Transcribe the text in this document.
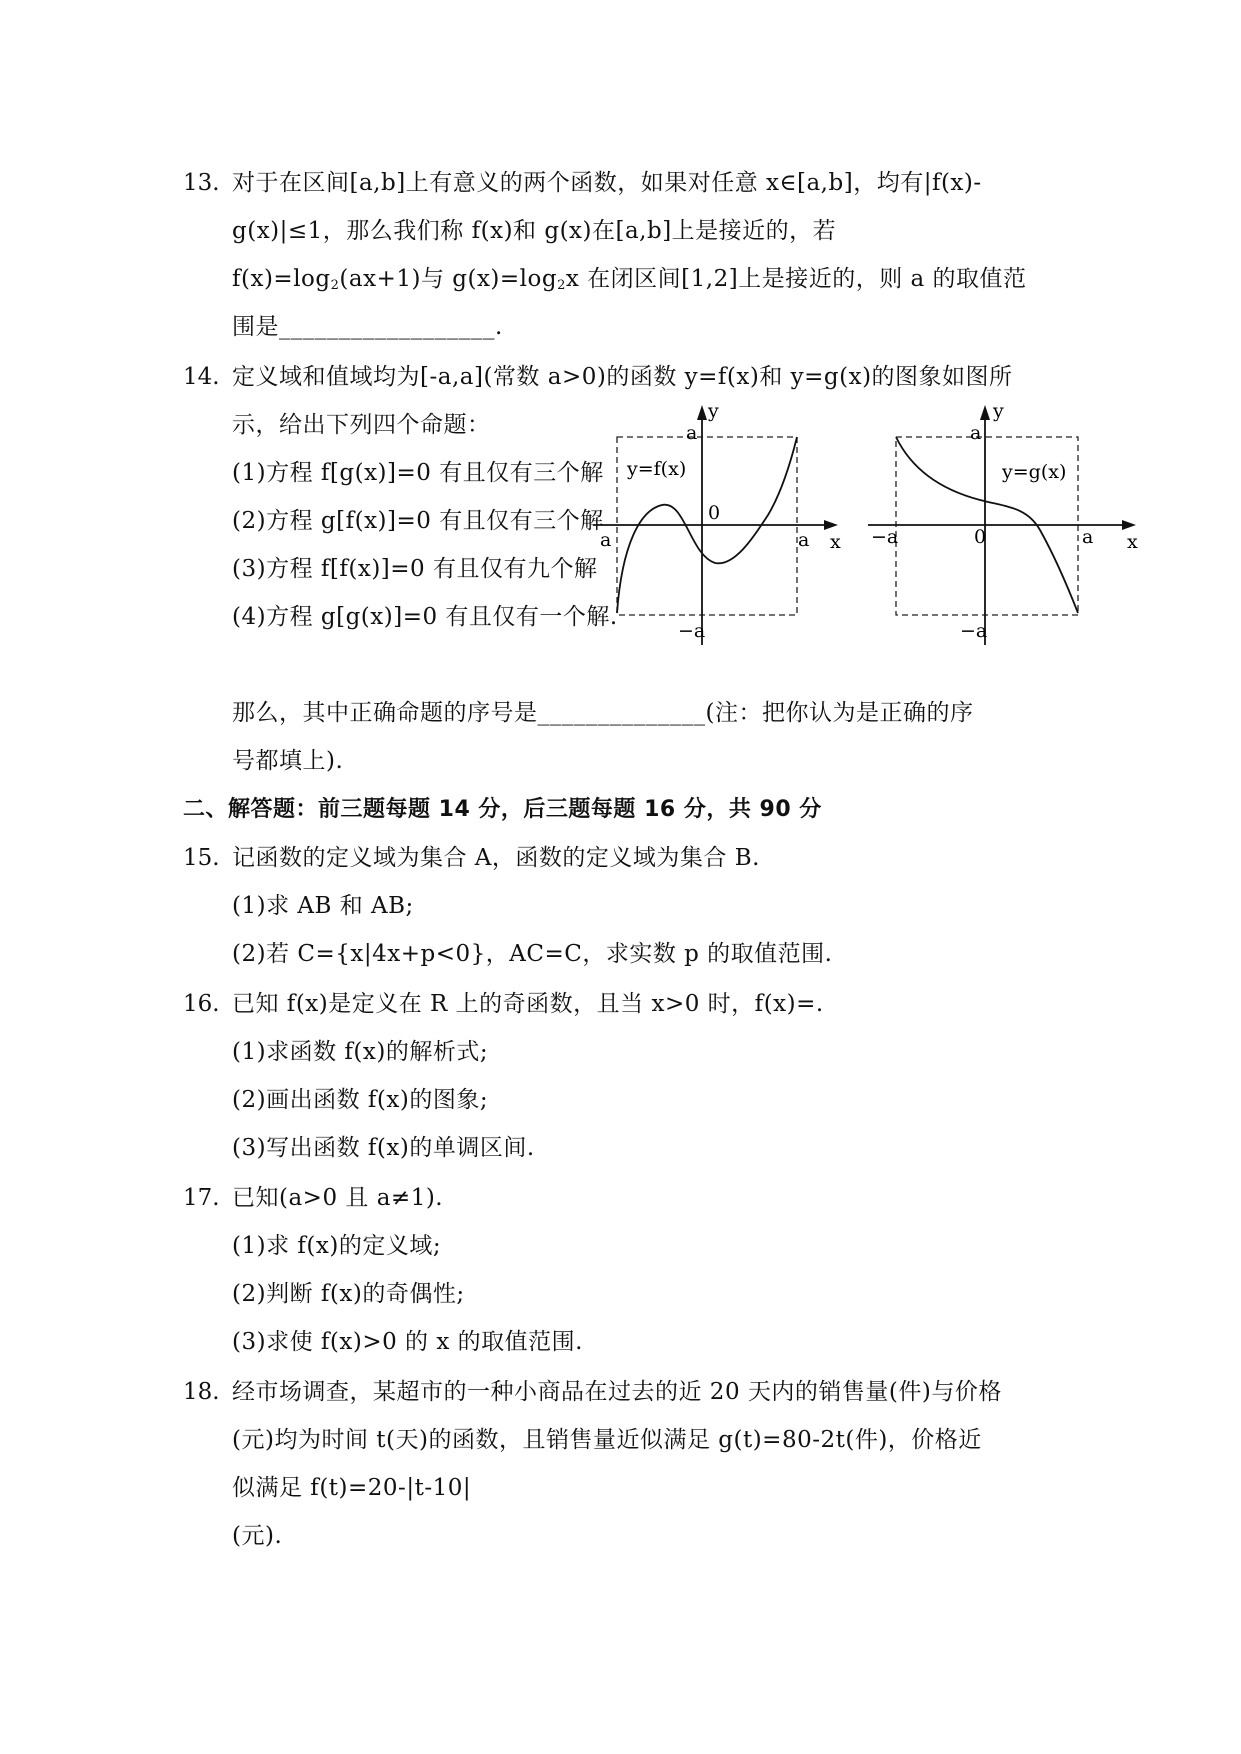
13. 对于在区间[a,b]上有意义的两个函数，如果对任意 x∈[a,b]，均有|f(x)-
g(x)|≤1，那么我们称 f(x)和 g(x)在[a,b]上是接近的，若
$f(x)=\log_2(ax+1)$与 $g(x)=\log_2x$ 在闭区间[1,2]上是接近的，则 a 的取值范
围是__________________.
14. 定义域和值域均为[-a,a](常数 a>0)的函数 y=f(x)和 y=g(x)的图象如图所
示，给出下列四个命题：
(1)方程 f[g(x)]=0 有且仅有三个解
(2)方程 g[f(x)]=0 有且仅有三个解
(3)方程 f[f(x)]=0 有且仅有九个解
(4)方程 g[g(x)]=0 有且仅有一个解.
y
x
a
a	a
−a
0
y=f(x)
y
x
a
−a	a
−a
0
y=g(x)
那么，其中正确命题的序号是______________(注：把你认为是正确的序
号都填上).
二、解答题：前三题每题 14 分，后三题每题 16 分，共 90 分
15. 记函数的定义域为集合 A，函数的定义域为集合 B.
(1)求 AB 和 AB;
(2)若 C={x|4x+p<0}，AC=C，求实数 p 的取值范围.
16. 已知 f(x)是定义在 R 上的奇函数，且当 x>0 时，f(x)=.
(1)求函数 f(x)的解析式;
(2)画出函数 f(x)的图象;
(3)写出函数 f(x)的单调区间.
17. 已知(a>0 且 a≠1).
(1)求 f(x)的定义域;
(2)判断 f(x)的奇偶性;
(3)求使 f(x)>0 的 x 的取值范围.
18. 经市场调查，某超市的一种小商品在过去的近 20 天内的销售量(件)与价格
(元)均为时间 t(天)的函数，且销售量近似满足 g(t)=80-2t(件)，价格近
似满足 f(t)=20-|t-10|
(元).
